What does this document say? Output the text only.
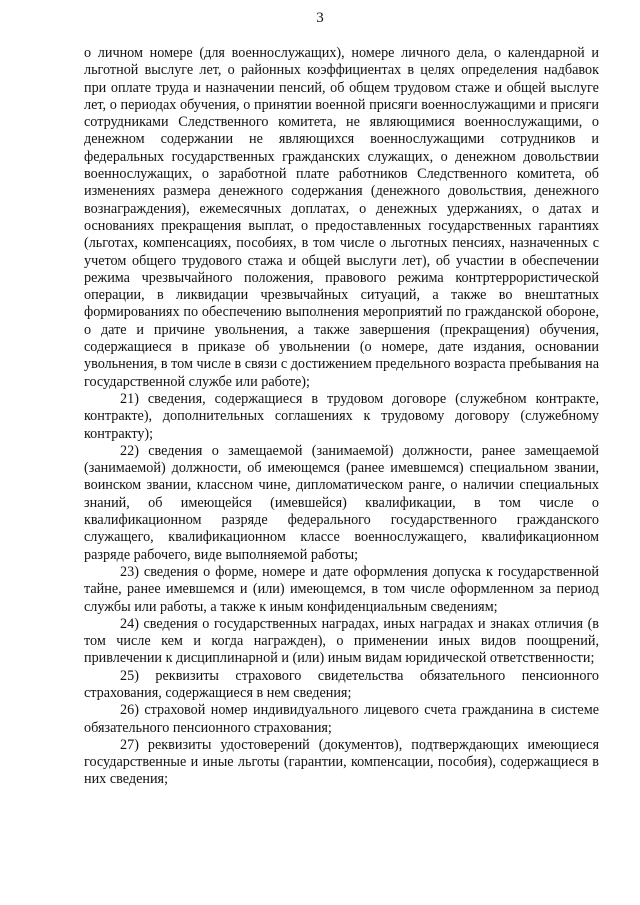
3

о личном номере (для военнослужащих), номере личного дела, о календарной и льготной выслуге лет, о районных коэффициентах в целях определения надбавок при оплате труда и назначении пенсий, об общем трудовом стаже и общей выслуге лет, о периодах обучения, о принятии военной присяги военнослужащими и присяги сотрудниками Следственного комитета, не являющимися военнослужащими, о денежном содержании не являющихся военнослужащими сотрудников и федеральных государственных гражданских служащих, о денежном довольствии военнослужащих, о заработной плате работников Следственного комитета, об изменениях размера денежного содержания (денежного довольствия, денежного вознаграждения), ежемесячных доплатах, о денежных удержаниях, о датах и основаниях прекращения выплат, о предоставленных государственных гарантиях (льготах, компенсациях, пособиях, в том числе о льготных пенсиях, назначенных с учетом общего трудового стажа и общей выслуги лет), об участии в обеспечении режима чрезвычайного положения, правового режима контртеррористической операции, в ликвидации чрезвычайных ситуаций, а также во внештатных формированиях по обеспечению выполнения мероприятий по гражданской обороне, о дате и причине увольнения, а также завершения (прекращения) обучения, содержащиеся в приказе об увольнении (о номере, дате издания, основании увольнения, в том числе в связи с достижением предельного возраста пребывания на государственной службе или работе);

21) сведения, содержащиеся в трудовом договоре (служебном контракте, контракте), дополнительных соглашениях к трудовому договору (служебному контракту);

22) сведения о замещаемой (занимаемой) должности, ранее замещаемой (занимаемой) должности, об имеющемся (ранее имевшемся) специальном звании, воинском звании, классном чине, дипломатическом ранге, о наличии специальных знаний, об имеющейся (имевшейся) квалификации, в том числе о квалификационном разряде федерального государственного гражданского служащего, квалификационном классе военнослужащего, квалификационном разряде рабочего, виде выполняемой работы;

23) сведения о форме, номере и дате оформления допуска к государственной тайне, ранее имевшемся и (или) имеющемся, в том числе оформленном за период службы или работы, а также к иным конфиденциальным сведениям;

24) сведения о государственных наградах, иных наградах и знаках отличия (в том числе кем и когда награжден), о применении иных видов поощрений, привлечении к дисциплинарной и (или) иным видам юридической ответственности;

25) реквизиты страхового свидетельства обязательного пенсионного страхования, содержащиеся в нем сведения;

26) страховой номер индивидуального лицевого счета гражданина в системе обязательного пенсионного страхования;

27) реквизиты удостоверений (документов), подтверждающих имеющиеся государственные и иные льготы (гарантии, компенсации, пособия), содержащиеся в них сведения;
